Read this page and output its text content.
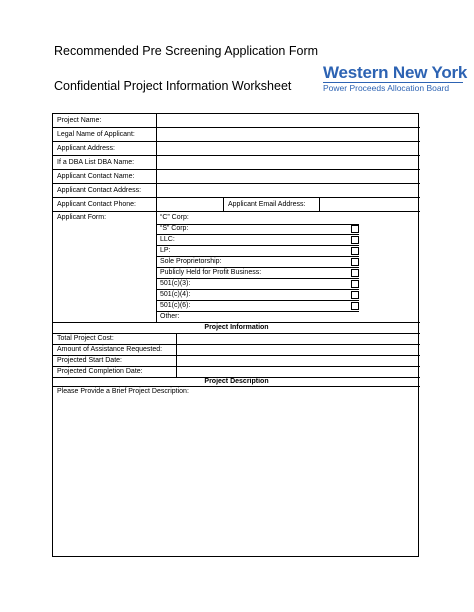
Recommended Pre Screening Application Form
Confidential Project Information Worksheet
Western New York
Power Proceeds Allocation Board
Project Name:
Legal Name of Applicant:
Applicant Address:
If a DBA List DBA Name:
Applicant Contact Name:
Applicant Contact Address:
Applicant Contact Phone:	Applicant Email Address:
Applicant Form:	“C” Corp:
“S” Corp:
LLC:
LP:
Sole Proprietorship:
Publicly Held for Profit Business:
501(c)(3):
501(c)(4):
501(c)(6):
Other:
Project Information
Total Project Cost:
Amount of Assistance Requested:
Projected Start Date:
Projected Completion Date:
Project Description
Please Provide a Brief Project Description:
